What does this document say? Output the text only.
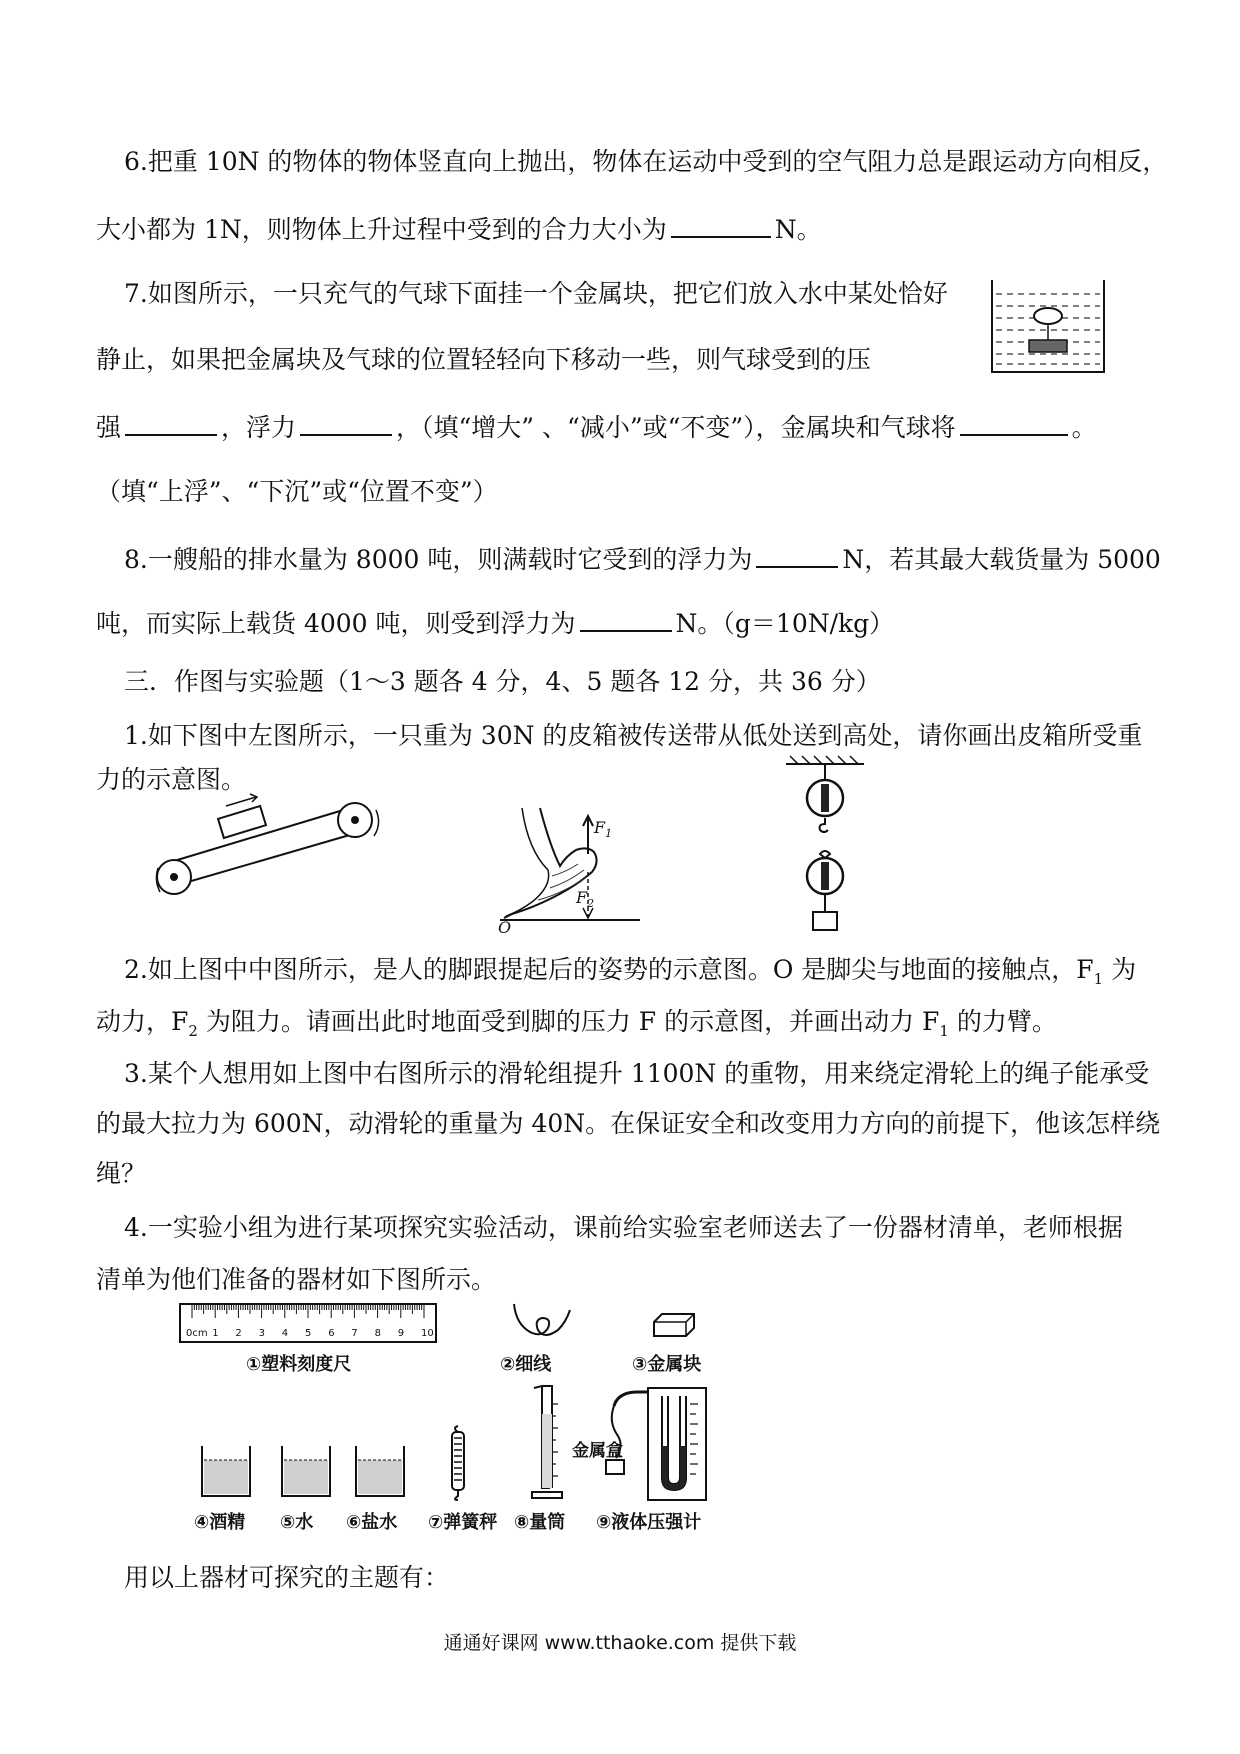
6.把重 10N 的物体的物体竖直向上抛出，物体在运动中受到的空气阻力总是跟运动方向相反，
大小都为 1N，则物体上升过程中受到的合力大小为	N。
7.如图所示，一只充气的气球下面挂一个金属块，把它们放入水中某处恰好
静止，如果把金属块及气球的位置轻轻向下移动一些，则气球受到的压
强	，浮力	，（填“增大” 、“减小”或“不变”），金属块和气球将	。
（填“上浮”、“下沉”或“位置不变”）
8.一艘船的排水量为 8000 吨，则满载时它受到的浮力为	N，若其最大载货量为 5000
吨，而实际上载货 4000 吨，则受到浮力为	N。（g＝10N/kg）
三．作图与实验题（1～3 题各 4 分，4、5 题各 12 分，共 36 分）
1.如下图中左图所示，一只重为 30N 的皮箱被传送带从低处送到高处，请你画出皮箱所受重
力的示意图。
$F_1$
$F_2$
O
2.如上图中中图所示，是人的脚跟提起后的姿势的示意图。O 是脚尖与地面的接触点，$F_1$ 为
动力，$F_2$ 为阻力。请画出此时地面受到脚的压力 F 的示意图，并画出动力 $F_1$ 的力臂。
3.某个人想用如上图中右图所示的滑轮组提升 1100N 的重物，用来绕定滑轮上的绳子能承受
的最大拉力为 600N，动滑轮的重量为 40N。在保证安全和改变用力方向的前提下，他该怎样绕
绳？
4.一实验小组为进行某项探究实验活动，课前给实验室老师送去了一份器材清单，老师根据
清单为他们准备的器材如下图所示。
0cm 1 2 3 4 5 6 7 8 9 10
①塑料刻度尺	②细线	③金属块
④酒精 ⑤水 ⑥盐水 ⑦弹簧秤 ⑧量筒
金属盒
⑨液体压强计
用以上器材可探究的主题有：
通通好课网 www.tthaoke.com 提供下载
